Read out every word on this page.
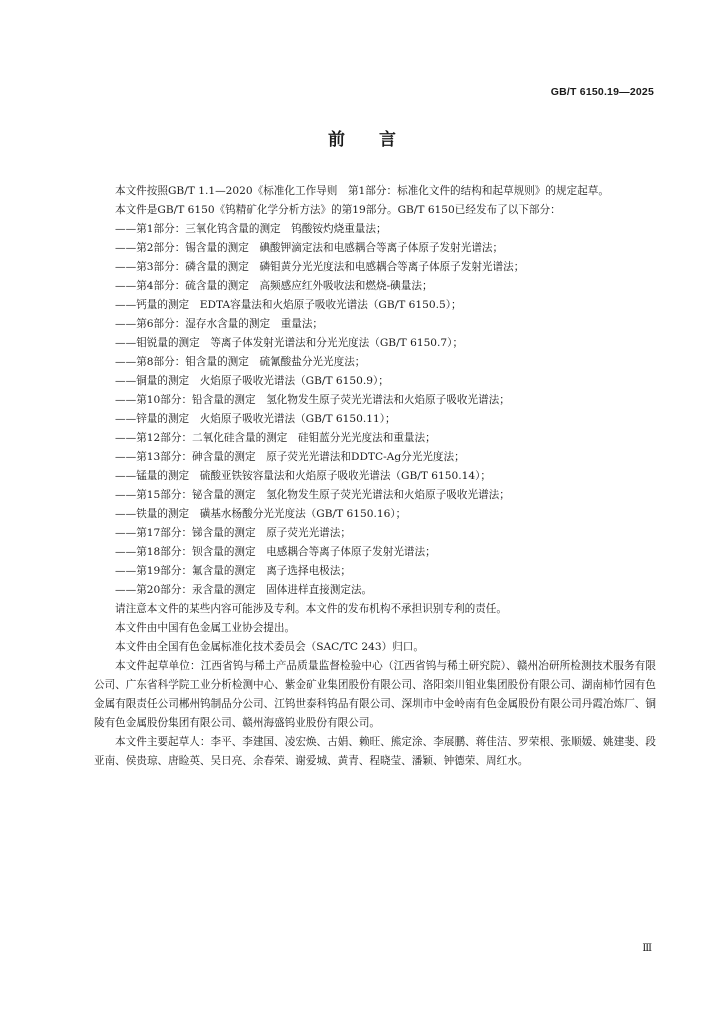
GB/T 6150.19—2025
前言

本文件按照GB/T 1.1—2020《标准化工作导则　第1部分：标准化文件的结构和起草规则》的规定起草。

本文件是GB/T 6150《钨精矿化学分析方法》的第19部分。GB/T 6150已经发布了以下部分：

——第1部分：三氧化钨含量的测定　钨酸铵灼烧重量法；
——第2部分：锡含量的测定　碘酸钾滴定法和电感耦合等离子体原子发射光谱法；
——第3部分：磷含量的测定　磷钼黄分光光度法和电感耦合等离子体原子发射光谱法；
——第4部分：硫含量的测定　高频感应红外吸收法和燃烧-碘量法；
——钙量的测定　EDTA容量法和火焰原子吸收光谱法（GB/T 6150.5）；
——第6部分：湿存水含量的测定　重量法；
——钼锐量的测定　等离子体发射光谱法和分光光度法（GB/T 6150.7）；
——第8部分：钼含量的测定　硫氰酸盐分光光度法；
——铜量的测定　火焰原子吸收光谱法（GB/T 6150.9）；
——第10部分：铅含量的测定　氢化物发生原子荧光光谱法和火焰原子吸收光谱法；
——锌量的测定　火焰原子吸收光谱法（GB/T 6150.11）；
——第12部分：二氧化硅含量的测定　硅钼蓝分光光度法和重量法；
——第13部分：砷含量的测定　原子荧光光谱法和DDTC-Ag分光光度法；
——锰量的测定　硫酸亚铁铵容量法和火焰原子吸收光谱法（GB/T 6150.14）；
——第15部分：铋含量的测定　氢化物发生原子荧光光谱法和火焰原子吸收光谱法；
——铁量的测定　磺基水杨酸分光光度法（GB/T 6150.16）；
——第17部分：锑含量的测定　原子荧光光谱法；
——第18部分：钡含量的测定　电感耦合等离子体原子发射光谱法；
——第19部分：氟含量的测定　离子选择电极法；
——第20部分：汞含量的测定　固体进样直接测定法。

请注意本文件的某些内容可能涉及专利。本文件的发布机构不承担识别专利的责任。

本文件由中国有色金属工业协会提出。

本文件由全国有色金属标准化技术委员会（SAC/TC 243）归口。

本文件起草单位：江西省钨与稀土产品质量监督检验中心（江西省钨与稀土研究院）、赣州冶研所检测技术服务有限公司、广东省科学院工业分析检测中心、紫金矿业集团股份有限公司、洛阳栾川钼业集团股份有限公司、湖南柿竹园有色金属有限责任公司郴州钨制品分公司、江钨世泰科钨品有限公司、深圳市中金岭南有色金属股份有限公司丹霞冶炼厂、铜陵有色金属股份集团有限公司、赣州海盛钨业股份有限公司。

本文件主要起草人：李平、李建国、凌宏焕、古娟、赖旺、熊定涂、李展鹏、蒋佳洁、罗荣根、张顺媛、姚建斐、段亚南、侯贵琼、唐睑英、吴日亮、余春荣、谢爱城、黄青、程晓莹、潘颖、钟德荣、周红水。

Ⅲ
